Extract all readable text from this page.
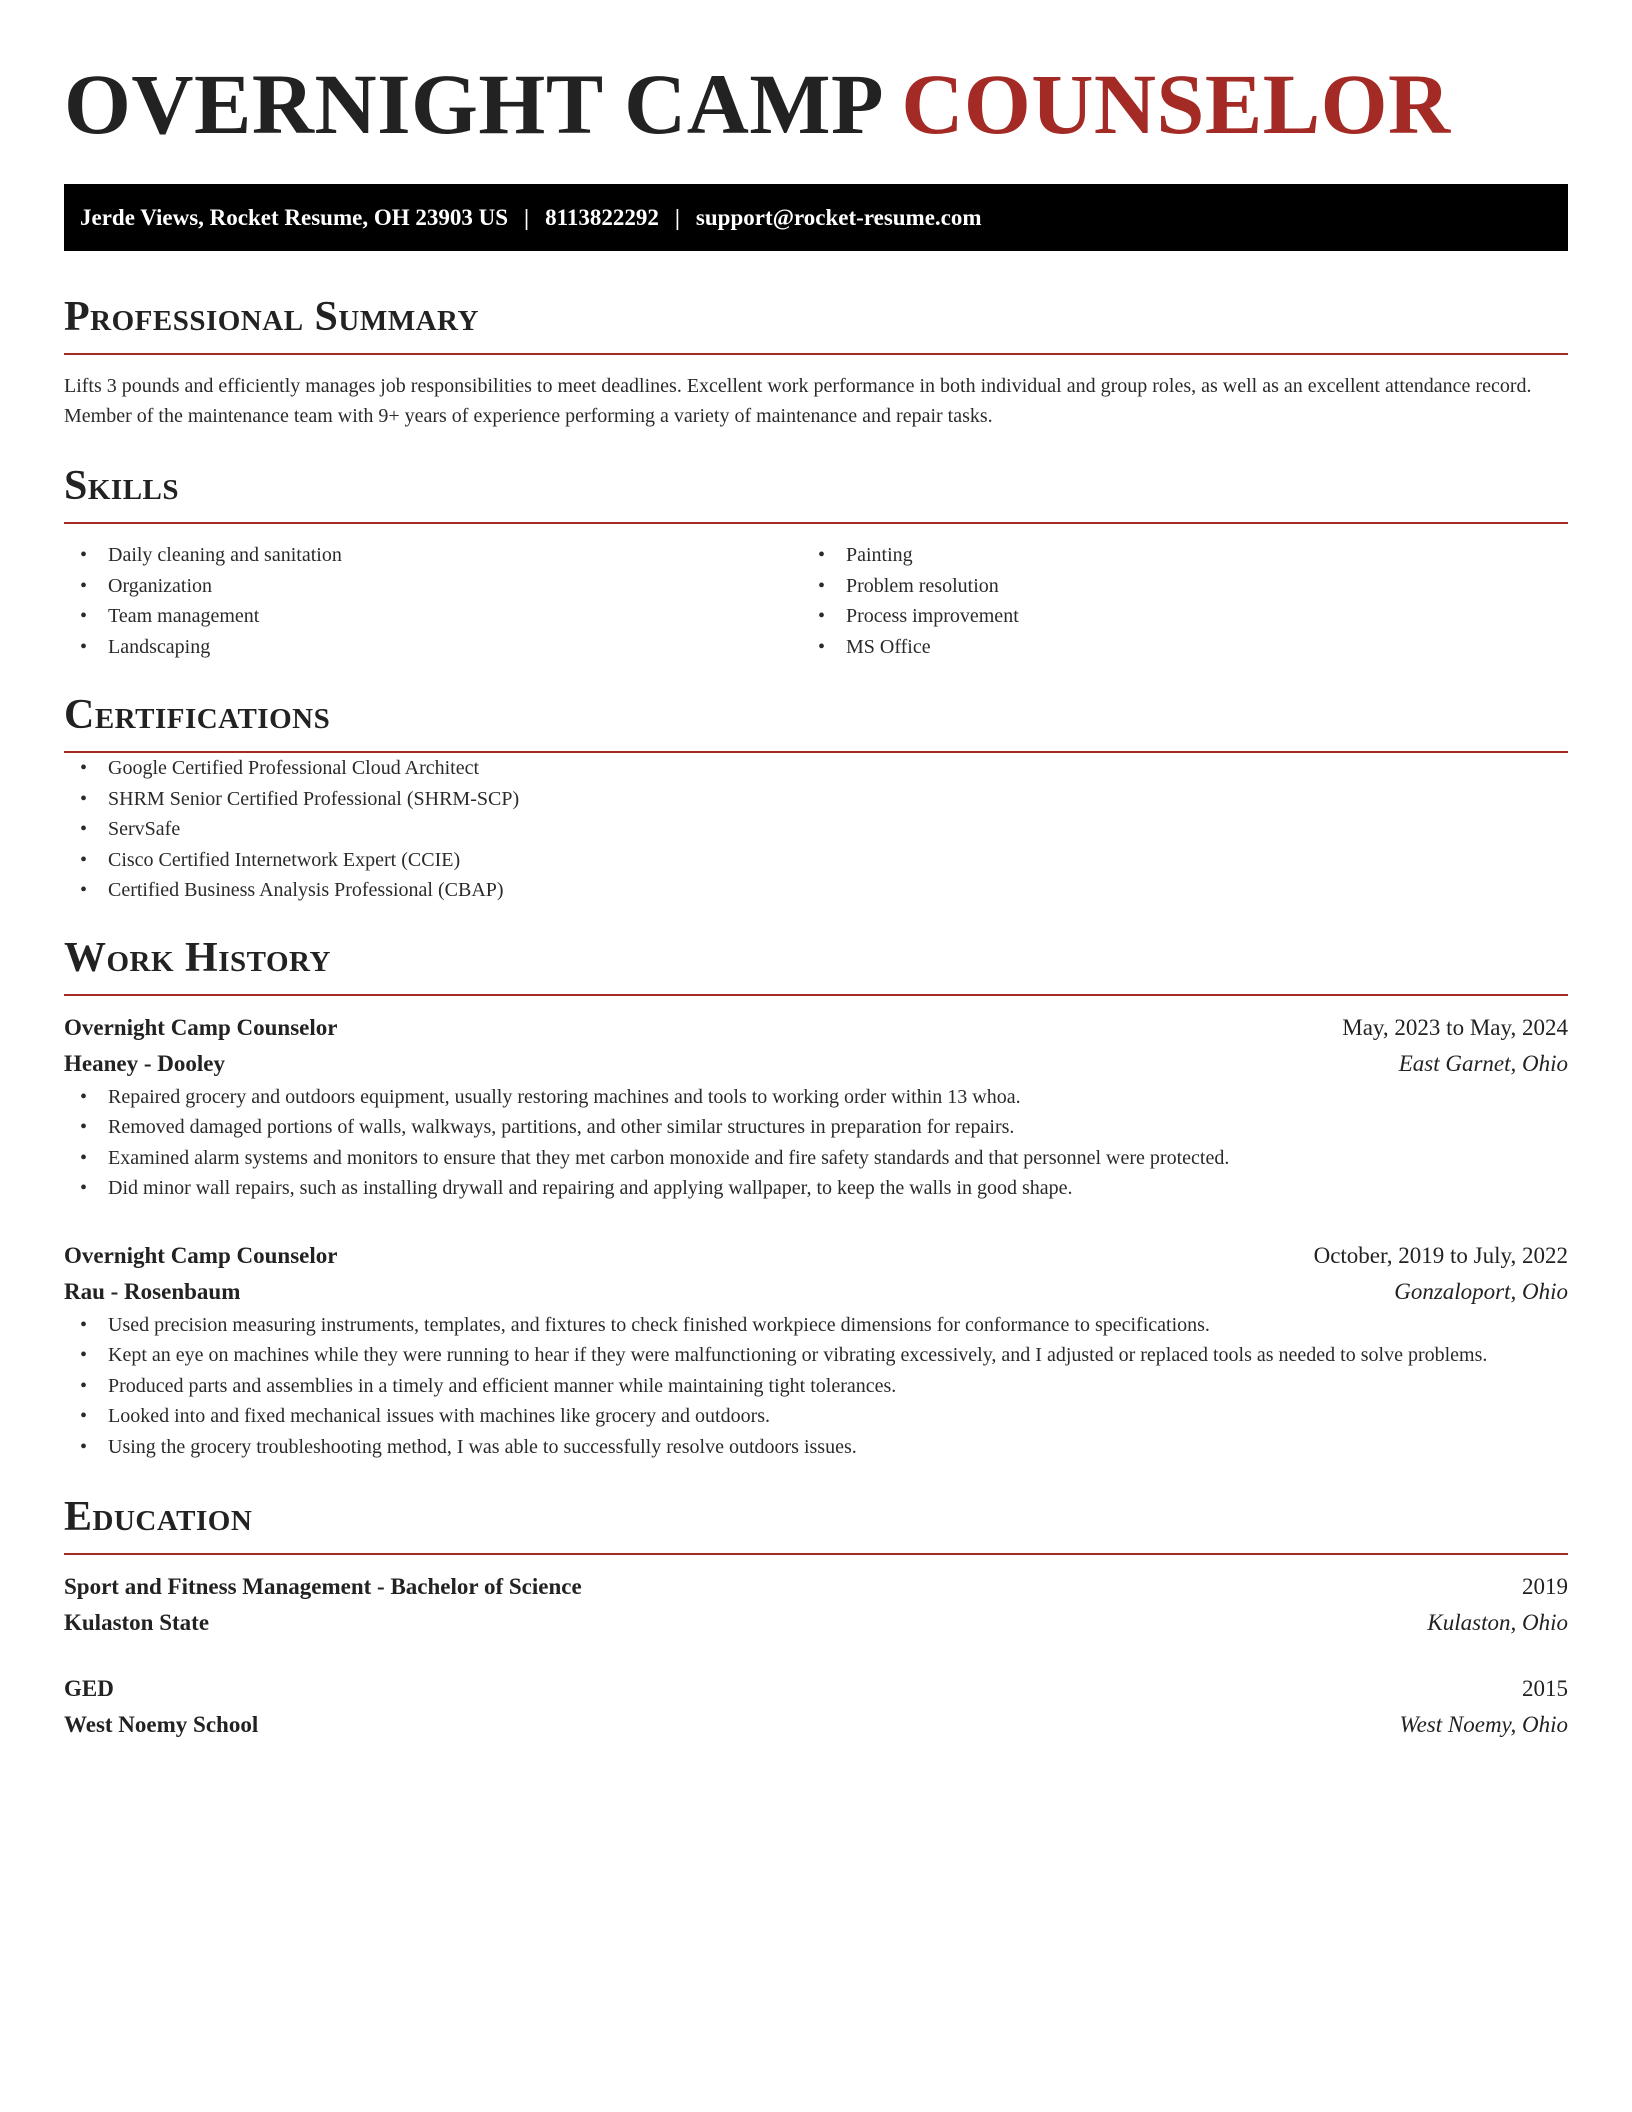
OVERNIGHT CAMP COUNSELOR
Jerde Views, Rocket Resume, OH 23903 US | 8113822292 | support@rocket-resume.com
Professional Summary

Lifts 3 pounds and efficiently manages job responsibilities to meet deadlines. Excellent work performance in both individual and group roles, as well as an excellent attendance record. Member of the maintenance team with 9+ years of experience performing a variety of maintenance and repair tasks.

Skills
• Daily cleaning and sanitation
• Organization
• Team management
• Landscaping
• Painting
• Problem resolution
• Process improvement
• MS Office
Certifications
• Google Certified Professional Cloud Architect
• SHRM Senior Certified Professional (SHRM-SCP)
• ServSafe
• Cisco Certified Internetwork Expert (CCIE)
• Certified Business Analysis Professional (CBAP)
Work History
Overnight Camp Counselor	May, 2023 to May, 2024
Heaney - Dooley	East Garnet, Ohio
• Repaired grocery and outdoors equipment, usually restoring machines and tools to working order within 13 whoa.
• Removed damaged portions of walls, walkways, partitions, and other similar structures in preparation for repairs.
• Examined alarm systems and monitors to ensure that they met carbon monoxide and fire safety standards and that personnel were protected.
• Did minor wall repairs, such as installing drywall and repairing and applying wallpaper, to keep the walls in good shape.
Overnight Camp Counselor	October, 2019 to July, 2022
Rau - Rosenbaum	Gonzaloport, Ohio
• Used precision measuring instruments, templates, and fixtures to check finished workpiece dimensions for conformance to specifications.
• Kept an eye on machines while they were running to hear if they were malfunctioning or vibrating excessively, and I adjusted or replaced tools as needed to solve problems.
• Produced parts and assemblies in a timely and efficient manner while maintaining tight tolerances.
• Looked into and fixed mechanical issues with machines like grocery and outdoors.
• Using the grocery troubleshooting method, I was able to successfully resolve outdoors issues.
Education
Sport and Fitness Management - Bachelor of Science	2019
Kulaston State	Kulaston, Ohio
GED	2015
West Noemy School	West Noemy, Ohio
